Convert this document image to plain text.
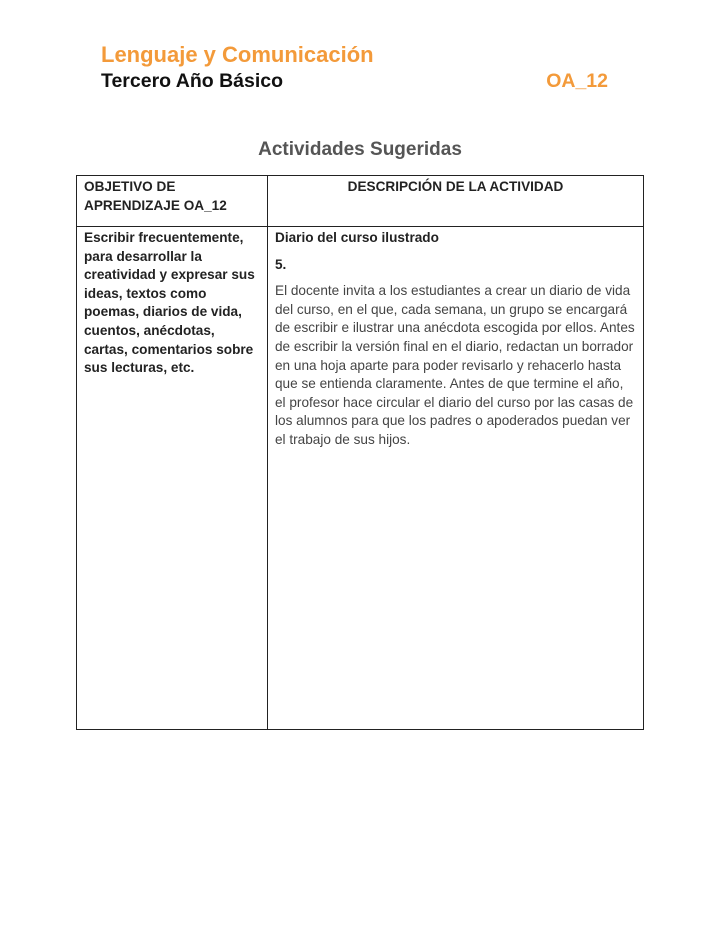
Lenguaje y Comunicación
Tercero Año Básico	OA_12
Actividades Sugeridas
OBJETIVO DE APRENDIZAJE OA_12	DESCRIPCIÓN DE LA ACTIVIDAD

Escribir frecuentemente, para desarrollar la creatividad y expresar sus ideas, textos como poemas, diarios de vida, cuentos, anécdotas, cartas, comentarios sobre sus lecturas, etc.	Diario del curso ilustrado

5.

El docente invita a los estudiantes a crear un diario de vida del curso, en el que, cada semana, un grupo se encargará de escribir e ilustrar una anécdota escogida por ellos. Antes de escribir la versión final en el diario, redactan un borrador en una hoja aparte para poder revisarlo y rehacerlo hasta que se entienda claramente. Antes de que termine el año, el profesor hace circular el diario del curso por las casas de los alumnos para que los padres o apoderados puedan ver el trabajo de sus hijos.
